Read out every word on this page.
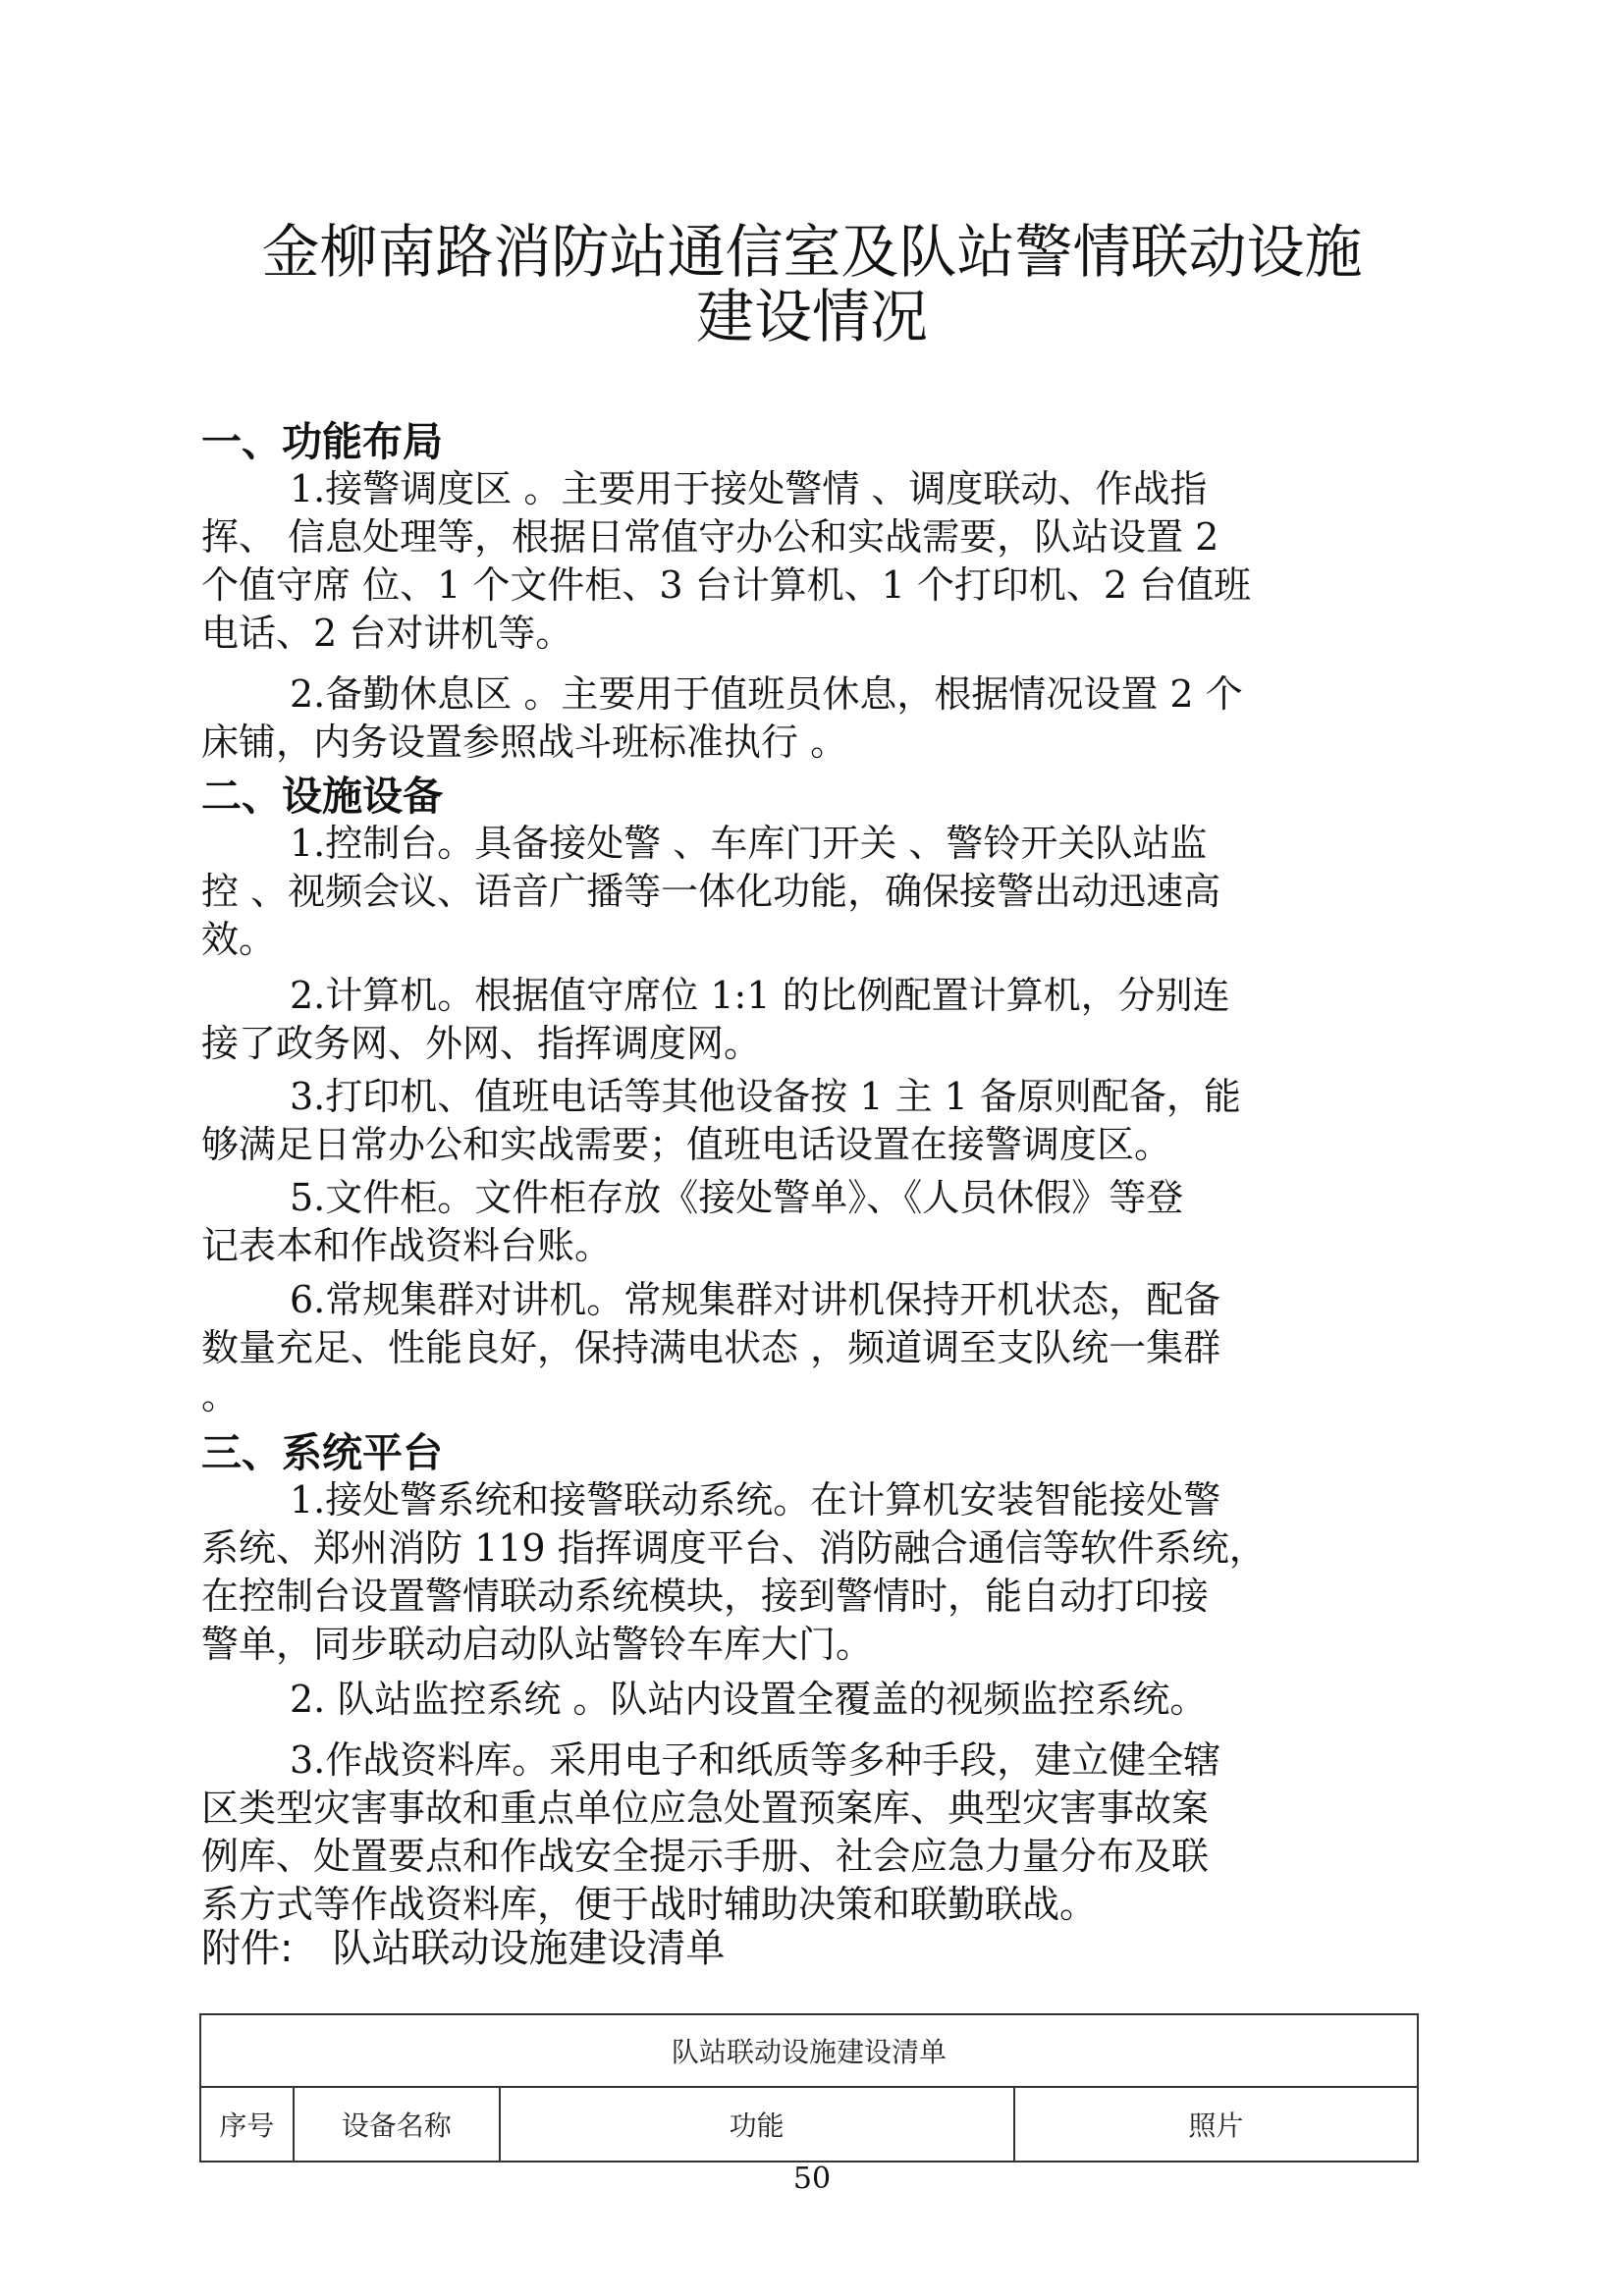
金柳南路消防站通信室及队站警情联动设施
建设情况
一、功能布局
1.接警调度区 。主要用于接处警情 、调度联动、作战指
挥、 信息处理等，根据日常值守办公和实战需要，队站设置 2
个值守席 位、1 个文件柜、3 台计算机、1 个打印机、2 台值班
电话、2 台对讲机等。
2.备勤休息区 。主要用于值班员休息，根据情况设置 2 个
床铺，内务设置参照战斗班标准执行 。
二、设施设备
1.控制台。具备接处警 、车库门开关 、警铃开关队站监
控 、视频会议、语音广播等一体化功能，确保接警出动迅速高
效。
2.计算机。根据值守席位 1:1 的比例配置计算机，分别连
接了政务网、外网、指挥调度网。
3.打印机、值班电话等其他设备按 1 主 1 备原则配备，能
够满足日常办公和实战需要；值班电话设置在接警调度区。
5.文件柜。文件柜存放《接处警单》、《人员休假》等登
记表本和作战资料台账。
6.常规集群对讲机。常规集群对讲机保持开机状态，配备
数量充足、性能良好，保持满电状态 ，频道调至支队统一集群
。
三、系统平台
1.接处警系统和接警联动系统。在计算机安装智能接处警
系统、郑州消防 119 指挥调度平台、消防融合通信等软件系统，
在控制台设置警情联动系统模块，接到警情时，能自动打印接
警单，同步联动启动队站警铃车库大门。
2. 队站监控系统 。队站内设置全覆盖的视频监控系统。
3.作战资料库。采用电子和纸质等多种手段，建立健全辖
区类型灾害事故和重点单位应急处置预案库、典型灾害事故案
例库、处置要点和作战安全提示手册、社会应急力量分布及联
系方式等作战资料库，便于战时辅助决策和联勤联战。
附件: 队站联动设施建设清单
队站联动设施建设清单
序号	设备名称	功能	照片
50
